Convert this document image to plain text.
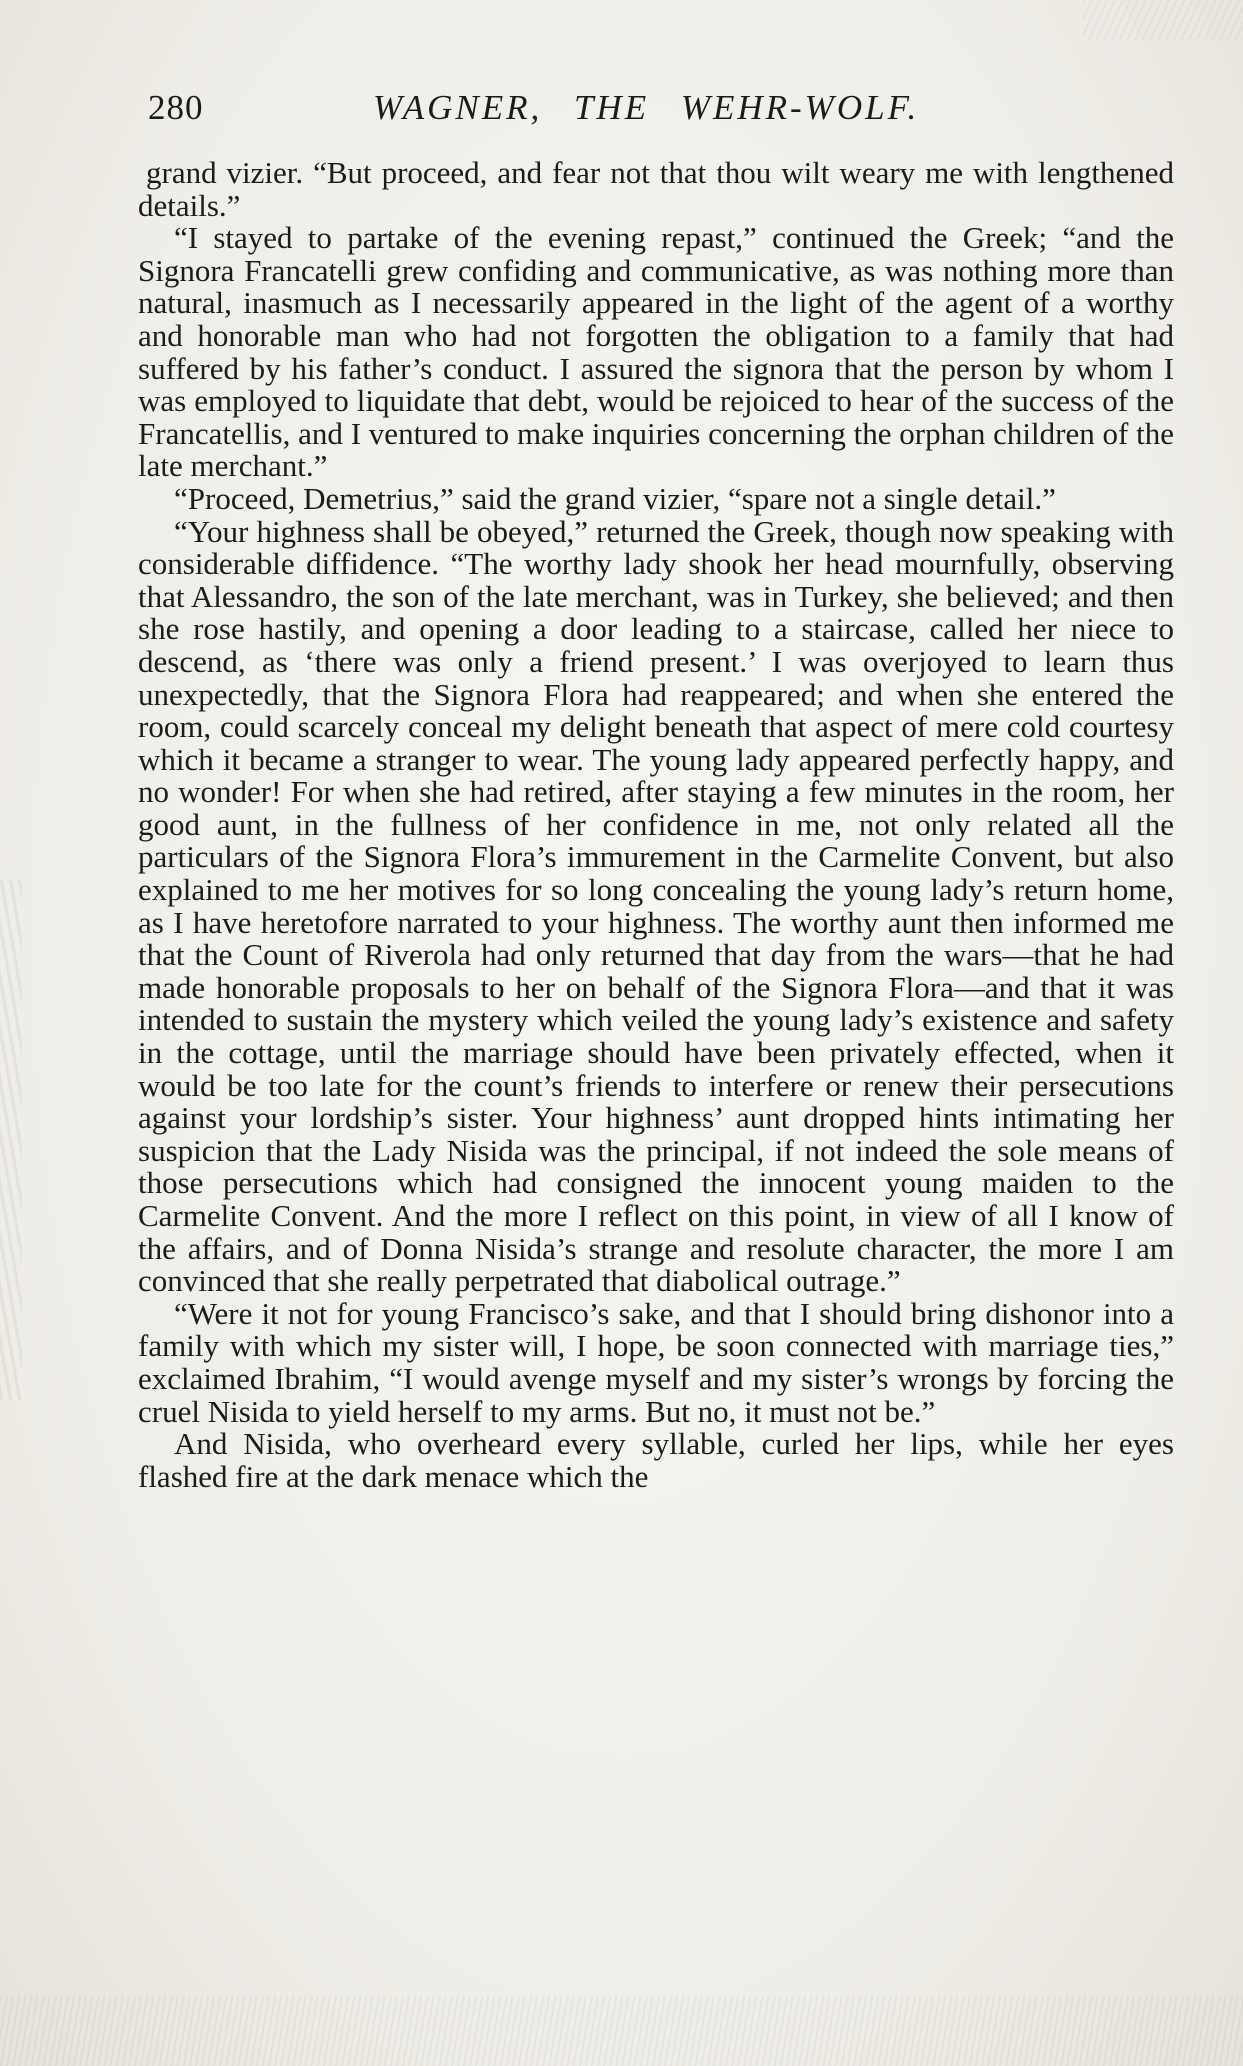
280	WAGNER, THE WEHR-WOLF.

grand vizier. “But proceed, and fear not that thou wilt weary me with lengthened details.”

“I stayed to partake of the evening repast,” continued the Greek; “and the Signora Francatelli grew confiding and communicative, as was nothing more than natural, inasmuch as I necessarily appeared in the light of the agent of a worthy and honorable man who had not forgotten the obligation to a family that had suffered by his father’s conduct. I assured the signora that the person by whom I was employed to liquidate that debt, would be rejoiced to hear of the success of the Francatellis, and I ventured to make inquiries concerning the orphan children of the late merchant.”

“Proceed, Demetrius,” said the grand vizier, “spare not a single detail.”

“Your highness shall be obeyed,” returned the Greek, though now speaking with considerable diffidence. “The worthy lady shook her head mournfully, observing that Alessandro, the son of the late merchant, was in Turkey, she believed; and then she rose hastily, and opening a door leading to a staircase, called her niece to descend, as ‘there was only a friend present.’ I was overjoyed to learn thus unexpectedly, that the Signora Flora had reappeared; and when she entered the room, could scarcely conceal my delight beneath that aspect of mere cold courtesy which it became a stranger to wear. The young lady appeared perfectly happy, and no wonder! For when she had retired, after staying a few minutes in the room, her good aunt, in the fullness of her confidence in me, not only related all the particulars of the Signora Flora’s immurement in the Carmelite Convent, but also explained to me her motives for so long concealing the young lady’s return home, as I have heretofore narrated to your highness. The worthy aunt then informed me that the Count of Riverola had only returned that day from the wars—that he had made honorable proposals to her on behalf of the Signora Flora—and that it was intended to sustain the mystery which veiled the young lady’s existence and safety in the cottage, until the marriage should have been privately effected, when it would be too late for the count’s friends to interfere or renew their persecutions against your lordship’s sister. Your highness’ aunt dropped hints intimating her suspicion that the Lady Nisida was the principal, if not indeed the sole means of those persecutions which had consigned the innocent young maiden to the Carmelite Convent. And the more I reflect on this point, in view of all I know of the affairs, and of Donna Nisida’s strange and resolute character, the more I am convinced that she really perpetrated that diabolical outrage.”

“Were it not for young Francisco’s sake, and that I should bring dishonor into a family with which my sister will, I hope, be soon connected with marriage ties,” exclaimed Ibrahim, “I would avenge myself and my sister’s wrongs by forcing the cruel Nisida to yield herself to my arms. But no, it must not be.”

And Nisida, who overheard every syllable, curled her lips, while her eyes flashed fire at the dark menace which the
